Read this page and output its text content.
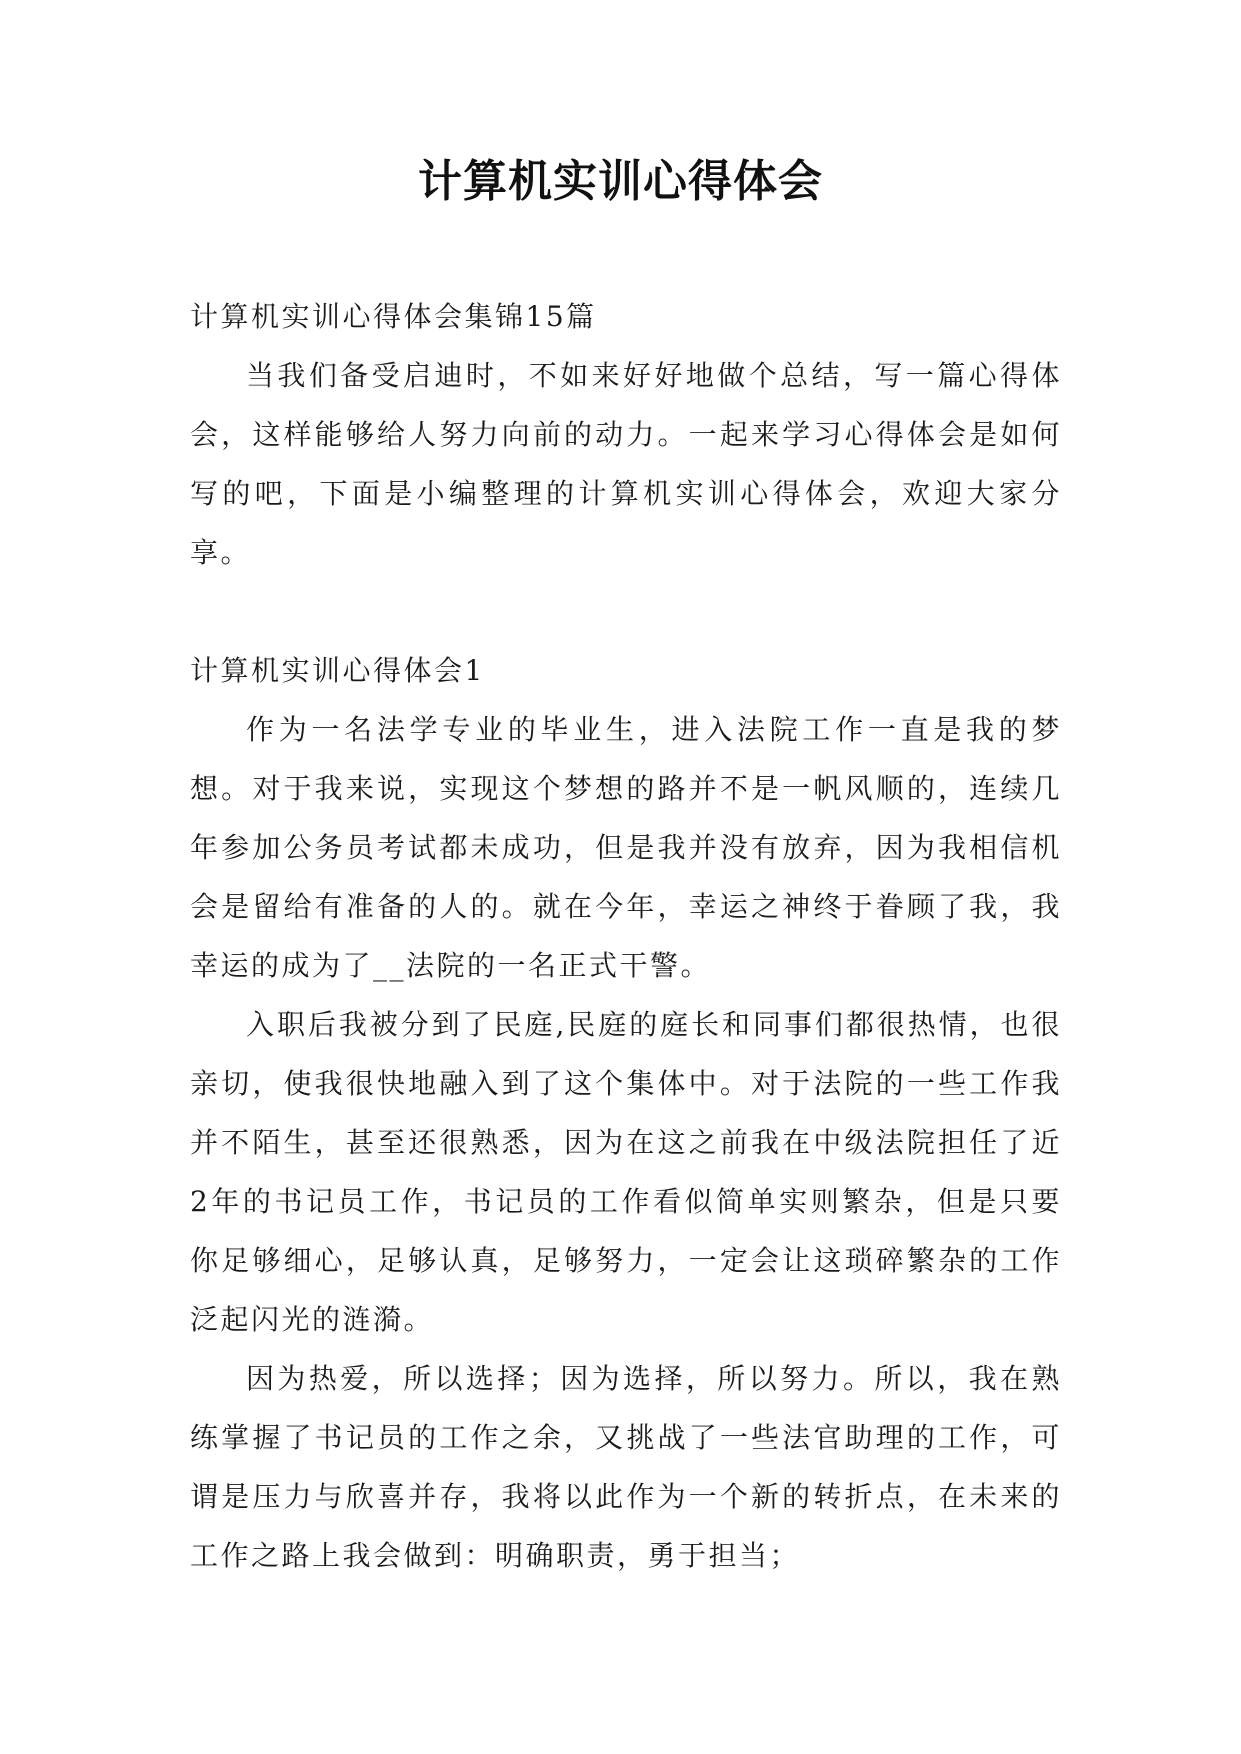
计算机实训心得体会

计算机实训心得体会集锦15篇

当我们备受启迪时，不如来好好地做个总结，写一篇心得体会，这样能够给人努力向前的动力。一起来学习心得体会是如何写的吧，下面是小编整理的计算机实训心得体会，欢迎大家分享。

计算机实训心得体会1

作为一名法学专业的毕业生，进入法院工作一直是我的梦想。对于我来说，实现这个梦想的路并不是一帆风顺的，连续几年参加公务员考试都未成功，但是我并没有放弃，因为我相信机会是留给有准备的人的。就在今年，幸运之神终于眷顾了我，我幸运的成为了__法院的一名正式干警。

入职后我被分到了民庭,民庭的庭长和同事们都很热情，也很亲切，使我很快地融入到了这个集体中。对于法院的一些工作我并不陌生，甚至还很熟悉，因为在这之前我在中级法院担任了近2年的书记员工作，书记员的工作看似简单实则繁杂，但是只要你足够细心，足够认真，足够努力，一定会让这琐碎繁杂的工作泛起闪光的涟漪。

因为热爱，所以选择；因为选择，所以努力。所以，我在熟练掌握了书记员的工作之余，又挑战了一些法官助理的工作，可谓是压力与欣喜并存，我将以此作为一个新的转折点，在未来的工作之路上我会做到：明确职责，勇于担当；
